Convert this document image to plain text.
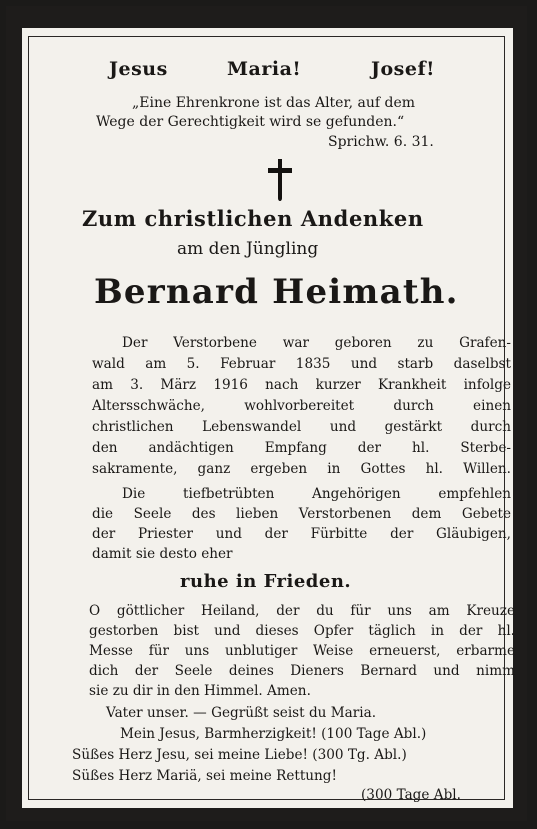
Jesus	Maria!	Josef!
„Eine Ehrenkrone ist das Alter, auf dem
Wege der Gerechtigkeit wird se gefunden.“
Sprichw. 6. 31.
Zum christlichen Andenken
am den Jüngling
Bernard Heimath.
Der Verstorbene war geboren zu Grafen-
wald am 5. Februar 1835 und starb daselbst
am 3. März 1916 nach kurzer Krankheit infolge
Altersschwäche, wohlvorbereitet durch einen
christlichen Lebenswandel und gestärkt durch
den andächtigen Empfang der hl. Sterbe-
sakramente, ganz ergeben in Gottes hl. Willen.
Die tiefbetrübten Angehörigen empfehlen
die Seele des lieben Verstorbenen dem Gebete
der Priester und der Fürbitte der Gläubigen,
damit sie desto eher
ruhe in Frieden.
O göttlicher Heiland, der du für uns am Kreuze
gestorben bist und dieses Opfer täglich in der hl.
Messe für uns unblutiger Weise erneuerst, erbarme
dich der Seele deines Dieners Bernard und nimm
sie zu dir in den Himmel. Amen.
Vater unser. — Gegrüßt seist du Maria.
Mein Jesus, Barmherzigkeit! (100 Tage Abl.)
Süßes Herz Jesu, sei meine Liebe! (300 Tg. Abl.)
Süßes Herz Mariä, sei meine Rettung!
(300 Tage Abl.
